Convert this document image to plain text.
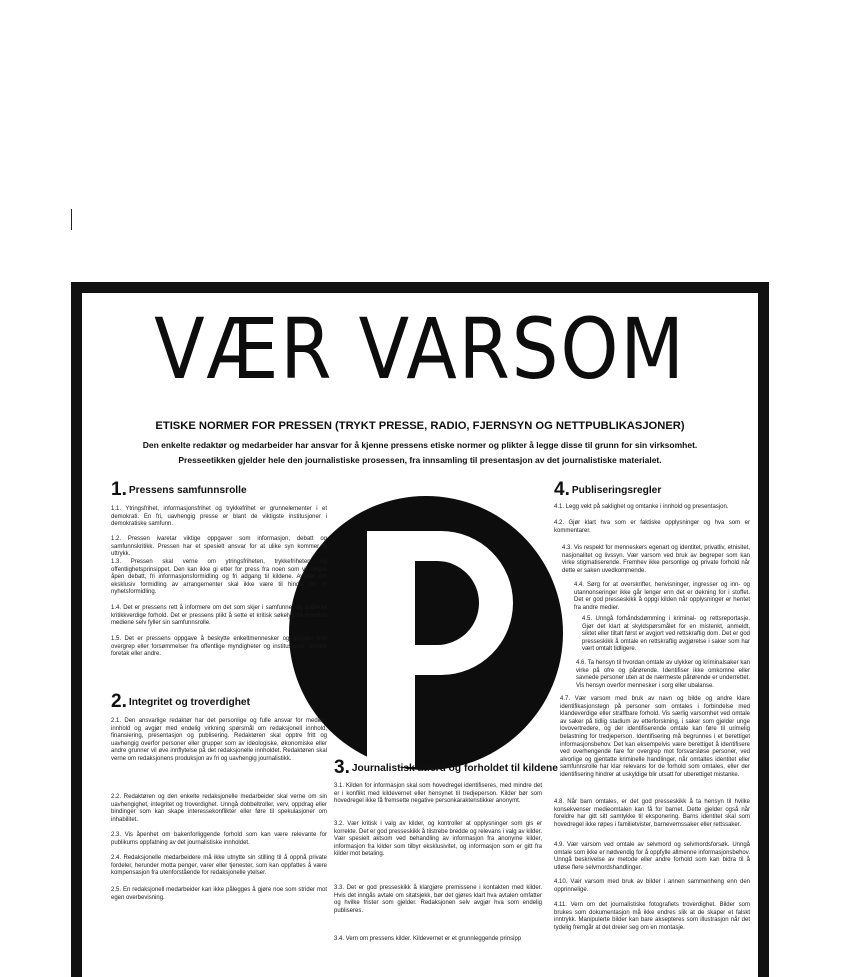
VÆR VARSOM

ETISKE NORMER FOR PRESSEN (TRYKT PRESSE, RADIO, FJERNSYN OG NETTPUBLIKASJONER)

Den enkelte redaktør og medarbeider har ansvar for å kjenne pressens etiske normer og plikter å legge disse til grunn for sin virksomhet.

Presseetikken gjelder hele den journalistiske prosessen, fra innsamling til presentasjon av det journalistiske materialet.

1. Pressens samfunnsrolle

1.1. Ytringsfrihet, informasjonsfrihet og trykkefrihet er grunnelementer i et demokrati. En fri, uavhengig presse er blant de viktigste institusjoner i demokratiske samfunn.

1.2. Pressen ivaretar viktige oppgaver som informasjon, debatt og samfunnskritikk. Pressen har et spesielt ansvar for at ulike syn kommer til uttrykk.

1.3. Pressen skal verne om ytringsfriheten, trykkefriheten og offentlighetsprinsippet. Den kan ikke gi etter for press fra noen som vil hindre åpen debatt, fri informasjonsformidling og fri adgang til kildene. Avtaler om eksklusiv formidling av arrangementer skal ikke være til hinder for fri nyhetsformidling.

1.4. Det er pressens rett å informere om det som skjer i samfunnet og avdekke kritikkverdige forhold. Det er pressens plikt å sette et kritisk søkelys på hvordan mediene selv fyller sin samfunnsrolle.

1.5. Det er pressens oppgave å beskytte enkeltmennesker og grupper mot overgrep eller forsømmelser fra offentlige myndigheter og institusjoner, private foretak eller andre.

2. Integritet og troverdighet

2.1. Den ansvarlige redaktør har det personlige og fulle ansvar for mediets innhold og avgjør med endelig virkning spørsmål om redaksjonell innhold, finansiering, presentasjon og publisering. Redaktøren skal opptre fritt og uavhengig overfor personer eller grupper som av ideologiske, økonomiske eller andre grunner vil øve innflytelse på det redaksjonelle innholdet. Redaktøren skal verne om redaksjonens produksjon av fri og uavhengig journalistikk.

2.2. Redaktøren og den enkelte redaksjonelle medarbeider skal verne om sin uavhengighet, integritet og troverdighet. Unngå dobbeltroller, verv, oppdrag eller bindinger som kan skape interessekonflikter eller føre til spekulasjoner om inhabilitet.

2.3. Vis åpenhet om bakenforliggende forhold som kan være relevante for publikums oppfatning av det journalistiske innholdet.

2.4. Redaksjonelle medarbeidere må ikke utnytte sin stilling til å oppnå private fordeler, herunder motta penger, varer eller tjenester, som kan oppfattes å være kompensasjon fra utenforstående for redaksjonelle ytelser.

2.5. En redaksjonell medarbeider kan ikke pålegges å gjøre noe som strider mot egen overbevisning.

3. Journalistisk atferd og forholdet til kildene

3.1. Kilden for informasjon skal som hovedregel identifiseres, med mindre det er i konflikt med kildevernet eller hensynet til tredjeperson. Kilder bør som hovedregel ikke få fremsette negative personkarakteristikker anonymt.

3.2. Vær kritisk i valg av kilder, og kontroller at opplysninger som gis er korrekte. Det er god presseskikk å tilstrebe bredde og relevans i valg av kilder. Vær spesielt aktsom ved behandling av informasjon fra anonyme kilder, informasjon fra kilder som tilbyr eksklusivitet, og informasjon som er gitt fra kilder mot betaling.

3.3. Det er god presseskikk å klargjøre premissene i kontakten med kilder. Hvis det inngås avtale om sitatsjekk, bør det gjøres klart hva avtalen omfatter og hvilke frister som gjelder. Redaksjonen selv avgjør hva som endelig publiseres.

3.4. Vern om pressens kilder. Kildevernet er et grunnleggende prinsipp

4. Publiseringsregler

4.1. Legg vekt på saklighet og omtanke i innhold og presentasjon.

4.2. Gjør klart hva som er faktiske opplysninger og hva som er kommentarer.

4.3. Vis respekt for menneskers egenart og identitet, privatliv, etnisitet, nasjonalitet og livssyn. Vær varsom ved bruk av begreper som kan virke stigmatiserende. Fremhev ikke personlige og private forhold når dette er saken uvedkommende.

4.4. Sørg for at overskrifter, henvisninger, ingresser og inn- og utannonseringer ikke går lenger enn det er dekning for i stoffet. Det er god presseskikk å oppgi kilden når opplysninger er hentet fra andre medier.

4.5. Unngå forhåndsdømming i kriminal- og rettsreportasje. Gjør det klart at skyldspørsmålet for en mistenkt, anmeldt, siktet eller tiltalt først er avgjort ved rettskraftig dom. Det er god presseskikk å omtale en rettskraftig avgjørelse i saker som har vært omtalt tidligere.

4.6. Ta hensyn til hvordan omtale av ulykker og kriminalsaker kan virke på ofre og pårørende. Identifiser ikke omkomne eller savnede personer uten at de nærmeste pårørende er underrettet. Vis hensyn overfor mennesker i sorg eller ubalanse.

4.7. Vær varsom med bruk av navn og bilde og andre klare identifikasjonstegn på personer som omtales i forbindelse med klandeverdige eller straffbare forhold. Vis særlig varsomhet ved omtale av saker på tidlig stadium av etterforskning, i saker som gjelder unge lovovertredere, og der identifiserende omtale kan føre til urimelig belastning for tredjeperson. Identifisering må begrunnes i et berettiget informasjonsbehov. Det kan eksempelvis være berettiget å identifisere ved overhengende fare for overgrep mot forsvarsløse personer, ved alvorlige og gjentatte kriminelle handlinger, når omtaltes identitet eller samfunnsrolle har klar relevans for de forhold som omtales, eller der identifisering hindrer at uskyldige blir utsatt for uberettiget mistanke.

4.8. Når barn omtales, er det god presseskikk å ta hensyn til hvilke konsekvenser medieomtalen kan få for barnet. Dette gjelder også når foreldre har gitt sitt samtykke til eksponering. Barns identitet skal som hovedregel ikke røpes i familietvister, barnevernssaker eller rettssaker.

4.9. Vær varsom ved omtale av selvmord og selvmordsforsøk. Unngå omtale som ikke er nødvendig for å oppfylle allmenne informasjonsbehov. Unngå beskrivelse av metode eller andre forhold som kan bidra til å utløse flere selvmordshandlinger.

4.10. Vær varsom med bruk av bilder i annen sammenheng enn den opprinnelige.

4.11. Vern om det journalistiske fotografiets troverdighet. Bilder som brukes som dokumentasjon må ikke endres slik at de skaper et falskt inntrykk. Manipulerte bilder kan bare aksepteres som illustrasjon når det tydelig fremgår at det dreier seg om en montasje.
